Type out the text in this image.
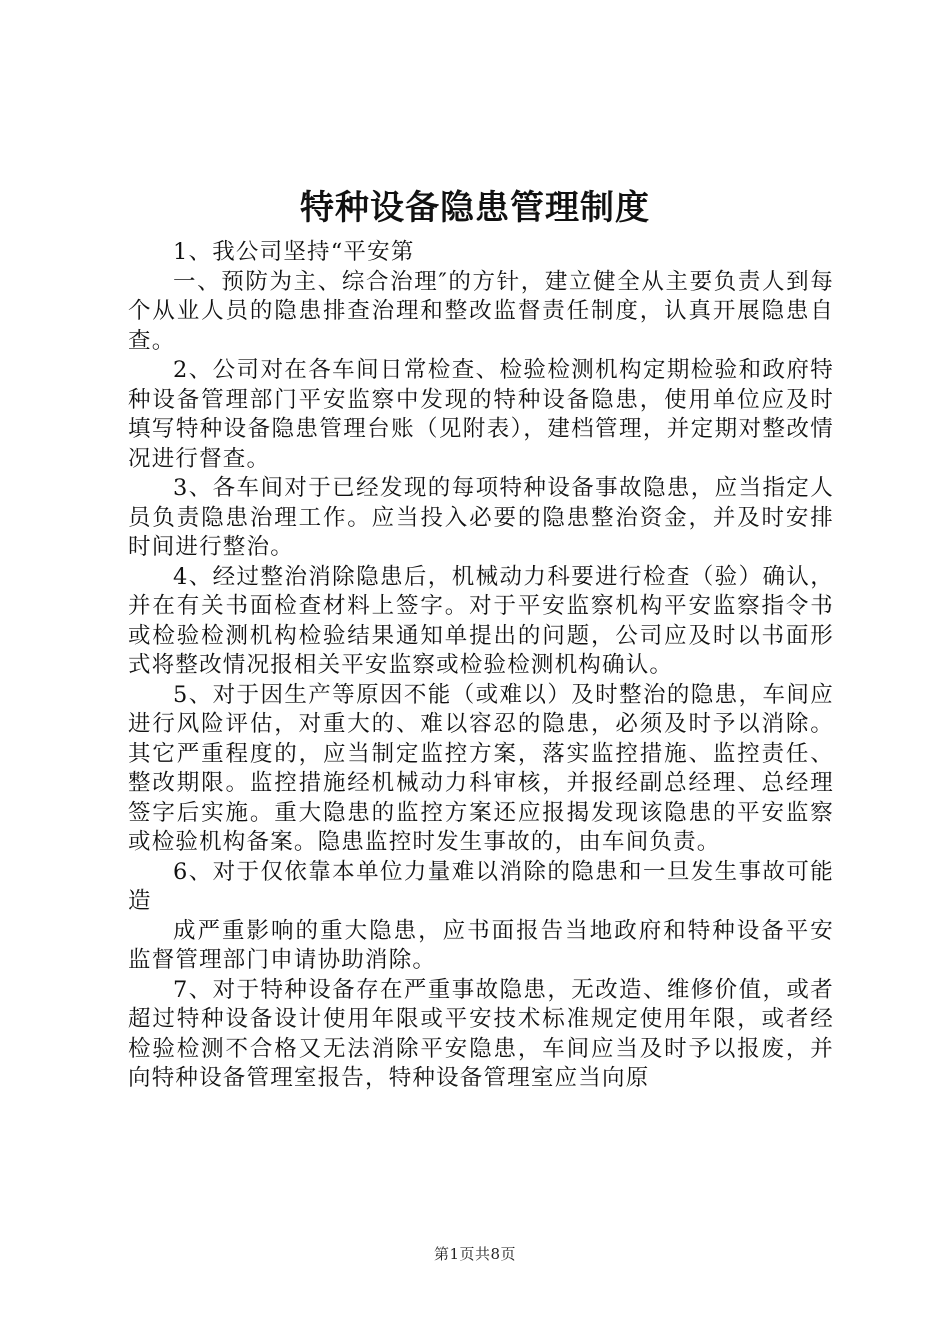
特种设备隐患管理制度

1、我公司坚持“平安第

一、预防为主、综合治理″的方针，建立健全从主要负责人到每个从业人员的隐患排查治理和整改监督责任制度，认真开展隐患自查。

2、公司对在各车间日常检查、检验检测机构定期检验和政府特种设备管理部门平安监察中发现的特种设备隐患，使用单位应及时填写特种设备隐患管理台账（见附表），建档管理，并定期对整改情况进行督查。

3、各车间对于已经发现的每项特种设备事故隐患，应当指定人员负责隐患治理工作。应当投入必要的隐患整治资金，并及时安排时间进行整治。

4、经过整治消除隐患后，机械动力科要进行检查（验）确认，并在有关书面检查材料上签字。对于平安监察机构平安监察指令书或检验检测机构检验结果通知单提出的问题，公司应及时以书面形式将整改情况报相关平安监察或检验检测机构确认。

5、对于因生产等原因不能（或难以）及时整治的隐患，车间应进行风险评估，对重大的、难以容忍的隐患，必须及时予以消除。其它严重程度的，应当制定监控方案，落实监控措施、监控责任、整改期限。监控措施经机械动力科审核，并报经副总经理、总经理签字后实施。重大隐患的监控方案还应报揭发现该隐患的平安监察或检验机构备案。隐患监控时发生事故的，由车间负责。

6、对于仅依靠本单位力量难以消除的隐患和一旦发生事故可能造

成严重影响的重大隐患，应书面报告当地政府和特种设备平安监督管理部门申请协助消除。

7、对于特种设备存在严重事故隐患，无改造、维修价值，或者超过特种设备设计使用年限或平安技术标准规定使用年限，或者经检验检测不合格又无法消除平安隐患，车间应当及时予以报废，并向特种设备管理室报告，特种设备管理室应当向原

第1页共8页
